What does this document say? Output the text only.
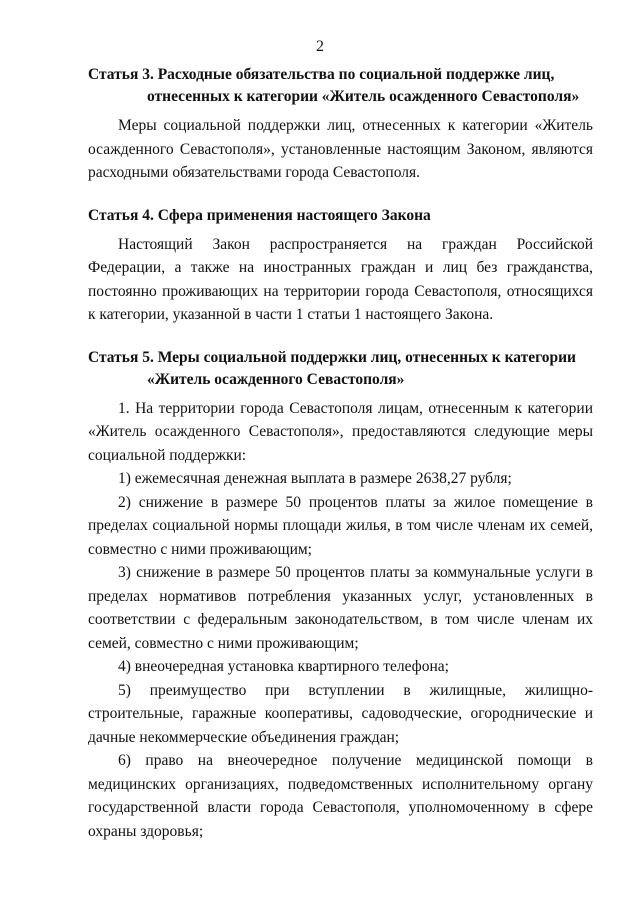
2
Статья 3. Расходные обязательства по социальной поддержке лиц,
отнесенных к категории «Житель осажденного Севастополя»

Меры социальной поддержки лиц, отнесенных к категории «Житель осажденного Севастополя», установленные настоящим Законом, являются расходными обязательствами города Севастополя.

Статья 4. Сфера применения настоящего Закона

Настоящий Закон распространяется на граждан Российской Федерации, а также на иностранных граждан и лиц без гражданства, постоянно проживающих на территории города Севастополя, относящихся к категории, указанной в части 1 статьи 1 настоящего Закона.

Статья 5. Меры социальной поддержки лиц, отнесенных к категории
«Житель осажденного Севастополя»

1. На территории города Севастополя лицам, отнесенным к категории «Житель осажденного Севастополя», предоставляются следующие меры социальной поддержки:

1) ежемесячная денежная выплата в размере 2638,27 рубля;

2) снижение в размере 50 процентов платы за жилое помещение в пределах социальной нормы площади жилья, в том числе членам их семей, совместно с ними проживающим;

3) снижение в размере 50 процентов платы за коммунальные услуги в пределах нормативов потребления указанных услуг, установленных в соответствии с федеральным законодательством, в том числе членам их семей, совместно с ними проживающим;

4) внеочередная установка квартирного телефона;

5) преимущество при вступлении в жилищные, жилищно-строительные, гаражные кооперативы, садоводческие, огороднические и дачные некоммерческие объединения граждан;

6) право на внеочередное получение медицинской помощи в медицинских организациях, подведомственных исполнительному органу государственной власти города Севастополя, уполномоченному в сфере охраны здоровья;
